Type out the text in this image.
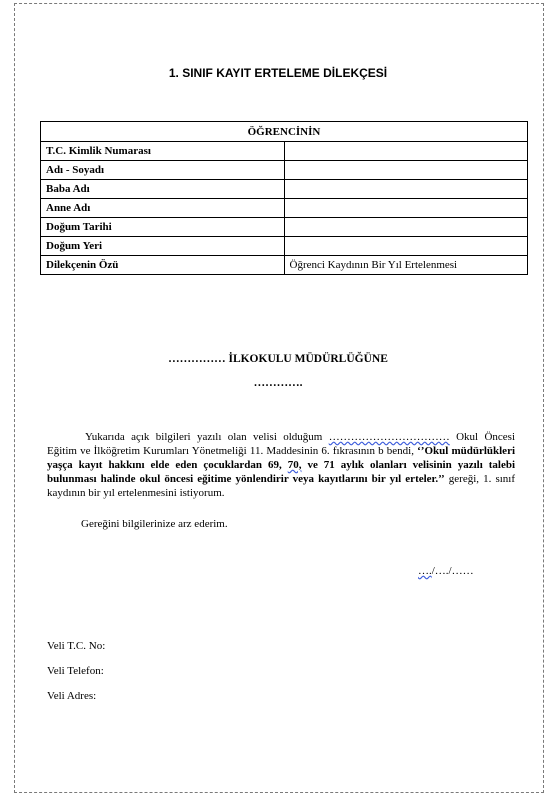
1. SINIF KAYIT ERTELEME DİLEKÇESİ
ÖĞRENCİNİN	
T.C. Kimlik Numarası	
Adı - Soyadı	
Baba Adı	
Anne Adı	
Doğum Tarihi	
Doğum Yeri	
Dilekçenin Özü	Öğrenci Kaydının Bir Yıl Ertelenmesi
…………… İLKOKULU MÜDÜRLÜĞÜNE
………….
Yukarıda açık bilgileri yazılı olan velisi olduğum …………………………… Okul Öncesi Eğitim ve İlköğretim Kurumları Yönetmeliği 11. Maddesinin 6. fıkrasının b bendi, ‘’Okul müdürlükleri yaşça kayıt hakkını elde eden çocuklardan 69, 70, ve 71 aylık olanları velisinin yazılı talebi bulunması halinde okul öncesi eğitime yönlendirir veya kayıtlarını bir yıl erteler.’’ gereği, 1. sınıf kaydının bir yıl ertelenmesini istiyorum.
Gereğini bilgilerinize arz ederim.
…./…./……
Veli T.C. No:
Veli Telefon:
Veli Adres:
